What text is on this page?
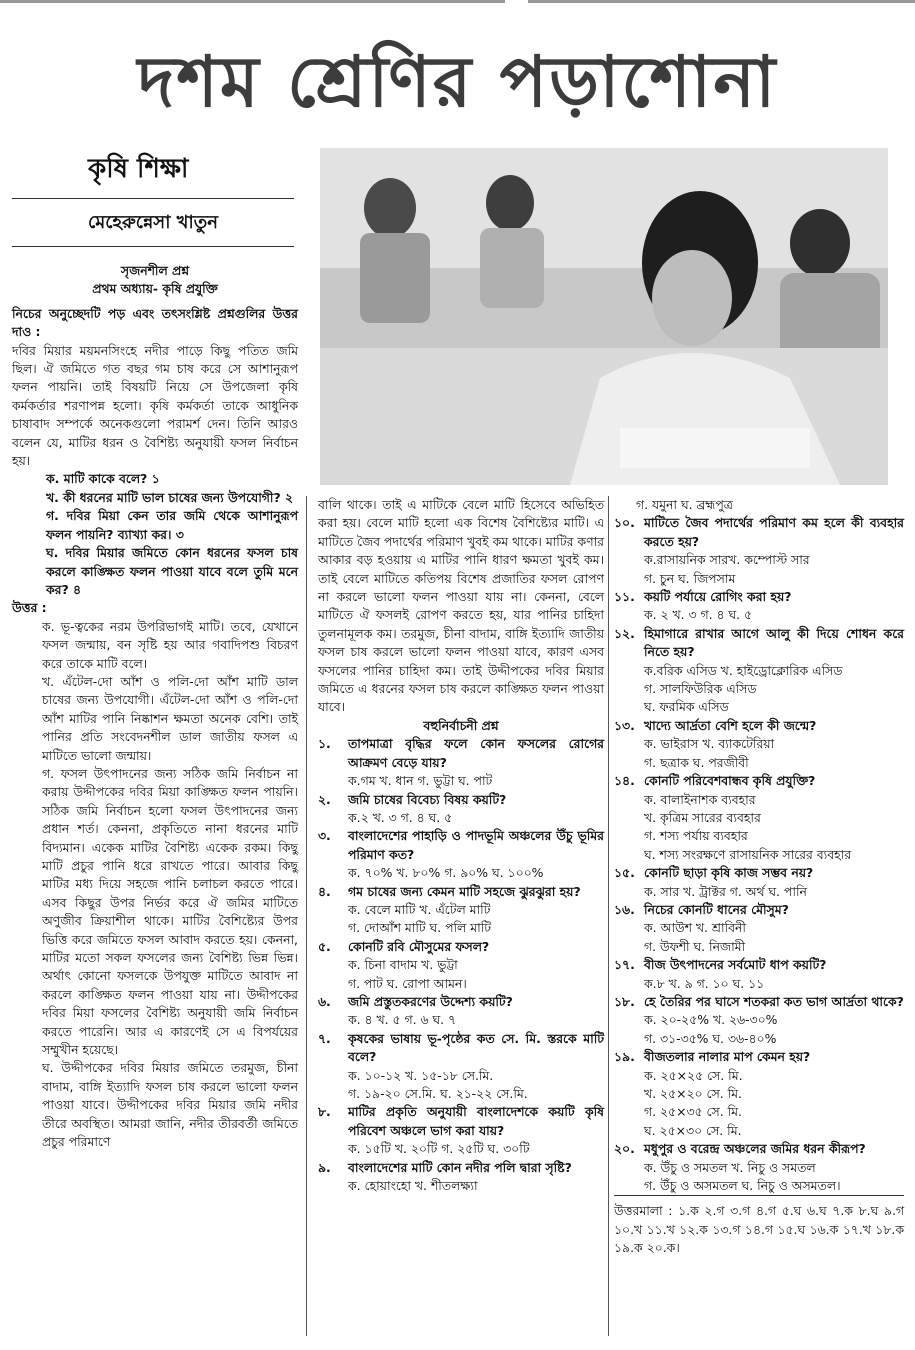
দশম শ্রেণির পড়াশোনা
কৃষি শিক্ষা
মেহেরুন্নেসা খাতুন

সৃজনশীল প্রশ্ন

প্রথম অধ্যায়- কৃষি প্রযুক্তি

নিচের অনুচ্ছেদটি পড় এবং তৎসংশ্লিষ্ট প্রশ্নগুলির উত্তর দাও :

দবির মিয়ার ময়মনসিংহে নদীর পাড়ে কিছু পতিত জমি ছিল। ঐ জমিতে গত বছর গম চাষ করে সে আশানুরূপ ফলন পায়নি। তাই বিষয়টি নিয়ে সে উপজেলা কৃষি কর্মকর্তার শরণাপন্ন হলো। কৃষি কর্মকর্তা তাকে আধুনিক চাষাবাদ সম্পর্কে অনেকগুলো পরামর্শ দেন। তিনি আরও বলেন যে, মাটির ধরন ও বৈশিষ্ট্য অনুযায়ী ফসল নির্বাচন হয়।

ক. মাটি কাকে বলে? ১

খ. কী ধরনের মাটি ভাল চাষের জন্য উপযোগী? ২

গ. দবির মিয়া কেন তার জমি থেকে আশানুরূপ ফলন পায়নি? ব্যাখ্যা কর। ৩

ঘ. দবির মিয়ার জমিতে কোন ধরনের ফসল চাষ করলে কাঙ্ক্ষিত ফলন পাওয়া যাবে বলে তুমি মনে কর? ৪

উত্তর :

ক. ভূ-ত্বকের নরম উপরিভাগই মাটি। তবে, যেখানে ফসল জন্মায়, বন সৃষ্টি হয় আর গবাদিপশু বিচরণ করে তাকে মাটি বলে।

খ. এঁটেল-দো আঁশ ও পলি-দো আঁশ মাটি ডাল চাষের জন্য উপযোগী। এঁটেল-দো আঁশ ও পলি-দো আঁশ মাটির পানি নিষ্কাশন ক্ষমতা অনেক বেশি। তাই পানির প্রতি সংবেদনশীল ডাল জাতীয় ফসল এ মাটিতে ভালো জন্মায়।

গ. ফসল উৎপাদনের জন্য সঠিক জমি নির্বাচন না করায় উদ্দীপকের দবির মিয়া কাঙ্ক্ষিত ফলন পায়নি। সঠিক জমি নির্বাচন হলো ফসল উৎপাদনের জন্য প্রধান শর্ত। কেননা, প্রকৃতিতে নানা ধরনের মাটি বিদ্যমান। একেক মাটির বৈশিষ্ট্য একেক রকম। কিছু মাটি প্রচুর পানি ধরে রাখতে পারে। আবার কিছু মাটির মধ্য দিয়ে সহজে পানি চলাচল করতে পারে। এসব কিছুর উপর নির্ভর করে ঐ জমির মাটিতে অণুজীব ক্রিয়াশীল থাকে। মাটির বৈশিষ্ট্যের উপর ভিত্তি করে জমিতে ফসল আবাদ করতে হয়। কেননা, মাটির মতো সকল ফসলের জন্য বৈশিষ্ট্য ভিন্ন ভিন্ন। অর্থাৎ কোনো ফসলকে উপযুক্ত মাটিতে আবাদ না করলে কাঙ্ক্ষিত ফলন পাওয়া যায় না। উদ্দীপকের দবির মিয়া ফসলের বৈশিষ্ট্য অনুযায়ী জমি নির্বাচন করতে পারেনি। আর এ কারণেই সে এ বিপর্যয়ের সম্মুখীন হয়েছে।

ঘ. উদ্দীপকের দবির মিয়ার জমিতে তরমুজ, চীনা বাদাম, বাঙ্গি ইত্যাদি ফসল চাষ করলে ভালো ফলন পাওয়া যাবে। উদ্দীপকের দবির মিয়ার জমি নদীর তীরে অবস্থিত। আমরা জানি, নদীর তীরবর্তী জমিতে প্রচুর পরিমাণে

বালি থাকে। তাই এ মাটিকে বেলে মাটি হিসেবে অভিহিত করা হয়। বেলে মাটি হলো এক বিশেষ বৈশিষ্ট্যের মাটি। এ মাটিতে জৈব পদার্থের পরিমাণ খুবই কম থাকে। মাটির কণার আকার বড় হওয়ায় এ মাটির পানি ধারণ ক্ষমতা খুবই কম। তাই বেলে মাটিতে কতিপয় বিশেষ প্রজাতির ফসল রোপণ না করলে ভালো ফলন পাওয়া যায় না। কেননা, বেলে মাটিতে ঐ ফসলই রোপণ করতে হয়, যার পানির চাহিদা তুলনামূলক কম। তরমুজ, চীনা বাদাম, বাঙ্গি ইত্যাদি জাতীয় ফসল চাষ করলে ভালো ফলন পাওয়া যাবে, কারণ এসব ফসলের পানির চাহিদা কম। তাই উদ্দীপকের দবির মিয়ার জমিতে এ ধরনের ফসল চাষ করলে কাঙ্ক্ষিত ফলন পাওয়া যাবে।

বহুনির্বাচনী প্রশ্ন

১.	তাপমাত্রা বৃদ্ধির ফলে কোন ফসলের রোগের আক্রমণ বেড়ে যায়?

ক.গম খ. ধান গ. ভুট্টা ঘ. পাট

২.	জমি চাষের বিবেচ্য বিষয় কয়টি?

ক.২ খ. ৩ গ. ৪ ঘ. ৫

৩.	বাংলাদেশের পাহাড়ি ও পাদভূমি অঞ্চলের উঁচু ভূমির পরিমাণ কত?

ক. ৭০% খ. ৮০% গ. ৯০% ঘ. ১০০%

৪.	গম চাষের জন্য কেমন মাটি সহজে ঝুরঝুরা হয়?

ক. বেলে মাটি খ. এঁটেল মাটি

গ. দোআঁশ মাটি ঘ. পলি মাটি

৫.	কোনটি রবি মৌসুমের ফসল?

ক. চিনা বাদাম খ. ভুট্টা

গ. পাট ঘ. রোপা আমন।

৬.	জমি প্রস্তুতকরণের উদ্দেশ্য কয়টি?

ক. ৪ খ. ৫ গ. ৬ ঘ. ৭

৭.	কৃষকের ভাষায় ভূ-পৃষ্ঠের কত সে. মি. স্তরকে মাটি বলে?

ক. ১০-১২ খ. ১৫-১৮ সে.মি.

গ. ১৯-২০ সে.মি. ঘ. ২১-২২ সে.মি.

৮.	মাটির প্রকৃতি অনুযায়ী বাংলাদেশকে কয়টি কৃষি পরিবেশ অঞ্চলে ভাগ করা যায়?

ক. ১৫টি খ. ২০টি গ. ২৫টি ঘ. ৩০টি

৯.	বাংলাদেশের মাটি কোন নদীর পলি দ্বারা সৃষ্টি?

ক. হোয়াংহো খ. শীতলক্ষ্যা

গ. যমুনা ঘ. ব্রহ্মপুত্র

১০. মাটিতে জৈব পদার্থের পরিমাণ কম হলে কী ব্যবহার করতে হয়?

ক.রাসায়নিক সারখ. কম্পোস্ট সার

গ. চুন ঘ. জিপসাম

১১. কয়টি পর্যায়ে রোগিং করা হয়?

ক. ২ খ. ৩ গ. ৪ ঘ. ৫

১২. হিমাগারে রাখার আগে আলু কী দিয়ে শোধন করে নিতে হয়?

ক.বরিক এসিড খ. হাইড্রোক্লোরিক এসিড

গ. সালফিউরিক এসিড

ঘ. ফরমিক এসিড

১৩. খাদ্যে আর্দ্রতা বেশি হলে কী জন্মে?

ক. ভাইরাস খ. ব্যাকটেরিয়া

গ. ছত্রাক ঘ. পরজীবী

১৪. কোনটি পরিবেশবান্ধব কৃষি প্রযুক্তি?

ক. বালাইনাশক ব্যবহার

খ. কৃত্রিম সারের ব্যবহার

গ. শস্য পর্যায় ব্যবহার

ঘ. শস্য সংরক্ষণে রাসায়নিক সারের ব্যবহার

১৫. কোনটি ছাড়া কৃষি কাজ সম্ভব নয়?

ক. সার খ. ট্রাক্টর গ. অর্থ ঘ. পানি

১৬. নিচের কোনটি ধানের মৌসুম?

ক. আউশ খ. শ্রাবিনী

গ. উফশী ঘ. নিজামী

১৭. বীজ উৎপাদনের সর্বমোট ধাপ কয়টি?

ক.৮ খ. ৯ গ. ১০ ঘ. ১১

১৮. হে তৈরির পর ঘাসে শতকরা কত ভাগ আর্দ্রতা থাকে?

ক. ২০-২৫% খ. ২৬-৩০%

গ. ৩১-৩৫% ঘ. ৩৬-৪০%

১৯. বীজতলার নালার মাপ কেমন হয়?

ক. ২৫×২৫ সে. মি.

খ. ২৫×২০ সে. মি.

গ. ২৫×৩৫ সে. মি.

ঘ. ২৫×৩০ সে. মি.

২০. মধুপুর ও বরেন্দ্র অঞ্চলের জমির ধরন কীরূপ?

ক. উঁচু ও সমতল খ. নিচু ও সমতল

গ. উঁচু ও অসমতল ঘ. নিচু ও অসমতল।

উত্তরমালা : ১.ক ২.গ ৩.গ ৪.গ ৫.ঘ ৬.ঘ ৭.ক ৮.ঘ ৯.গ ১০.খ ১১.খ ১২.ক ১৩.গ ১৪.গ ১৫.ঘ ১৬.ক ১৭.খ ১৮.ক ১৯.ক ২০.ক।
